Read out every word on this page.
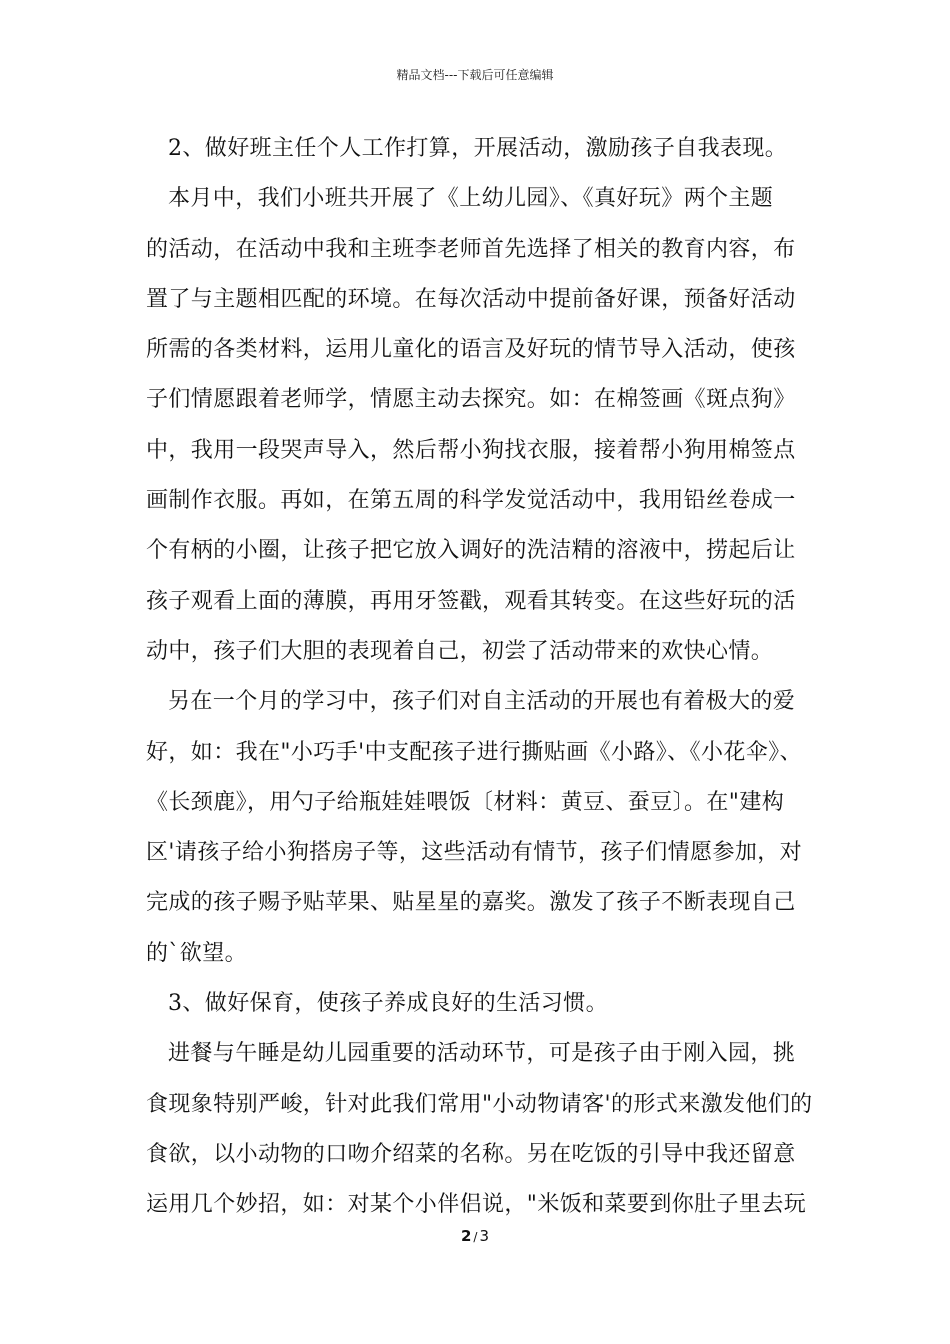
精品文档---下载后可任意编辑
2、做好班主任个人工作打算，开展活动，激励孩子自我表现。
本月中，我们小班共开展了《上幼儿园》、《真好玩》两个主题
的活动，在活动中我和主班李老师首先选择了相关的教育内容，布
置了与主题相匹配的环境。在每次活动中提前备好课，预备好活动
所需的各类材料，运用儿童化的语言及好玩的情节导入活动，使孩
子们情愿跟着老师学，情愿主动去探究。如：在棉签画《斑点狗》
中，我用一段哭声导入，然后帮小狗找衣服，接着帮小狗用棉签点
画制作衣服。再如，在第五周的科学发觉活动中，我用铅丝卷成一
个有柄的小圈，让孩子把它放入调好的洗洁精的溶液中，捞起后让
孩子观看上面的薄膜，再用牙签戳，观看其转变。在这些好玩的活
动中，孩子们大胆的表现着自己，初尝了活动带来的欢快心情。
另在一个月的学习中，孩子们对自主活动的开展也有着极大的爱
好，如：我在"小巧手'中支配孩子进行撕贴画《小路》、《小花伞》、
《长颈鹿》，用勺子给瓶娃娃喂饭〔材料：黄豆、蚕豆〕。在"建构
区'请孩子给小狗搭房子等，这些活动有情节，孩子们情愿参加，对
完成的孩子赐予贴苹果、贴星星的嘉奖。激发了孩子不断表现自己
的`欲望。
3、做好保育，使孩子养成良好的生活习惯。
进餐与午睡是幼儿园重要的活动环节，可是孩子由于刚入园，挑
食现象特别严峻，针对此我们常用"小动物请客'的形式来激发他们的
食欲，以小动物的口吻介绍菜的名称。另在吃饭的引导中我还留意
运用几个妙招，如：对某个小伴侣说，"米饭和菜要到你肚子里去玩
2 / 3
